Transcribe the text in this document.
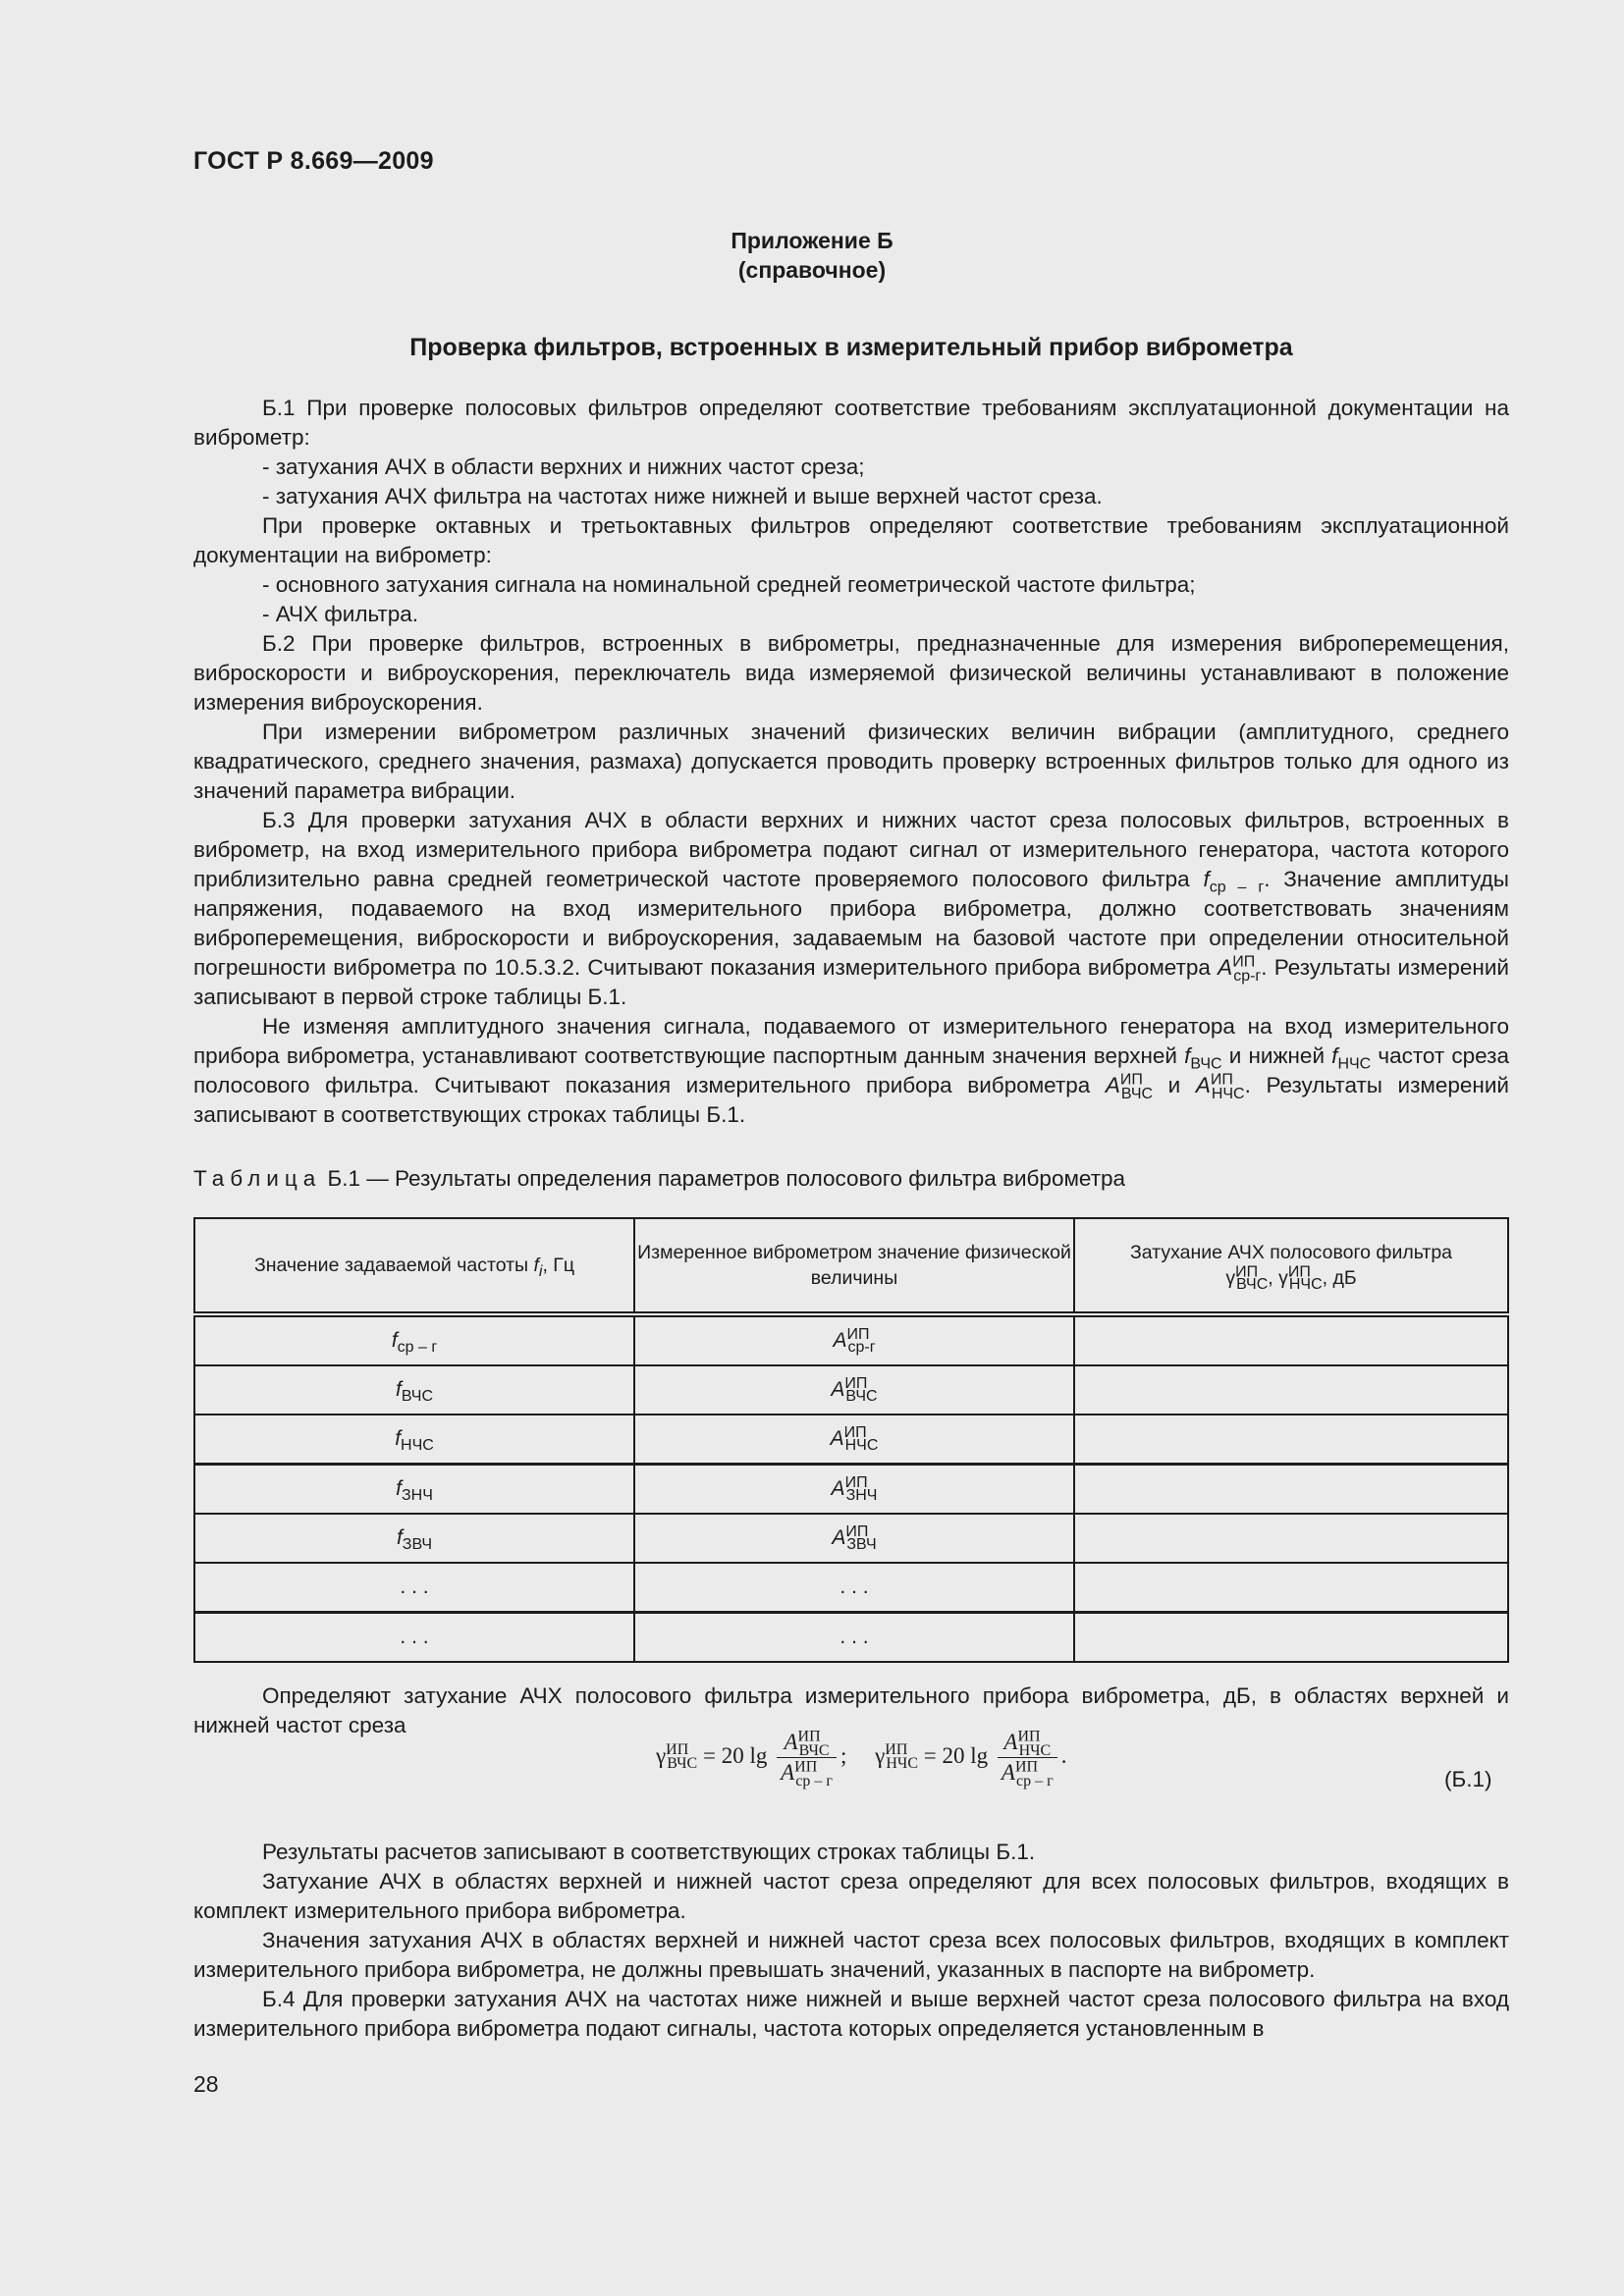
ГОСТ Р 8.669—2009
Приложение Б
(справочное)
Проверка фильтров, встроенных в измерительный прибор виброметра

Б.1 При проверке полосовых фильтров определяют соответствие требованиям эксплуатационной документации на виброметр:

- затухания АЧХ в области верхних и нижних частот среза;

- затухания АЧХ фильтра на частотах ниже нижней и выше верхней частот среза.

При проверке октавных и третьоктавных фильтров определяют соответствие требованиям эксплуатационной документации на виброметр:

- основного затухания сигнала на номинальной средней геометрической частоте фильтра;

- АЧХ фильтра.

Б.2 При проверке фильтров, встроенных в виброметры, предназначенные для измерения виброперемещения, виброскорости и виброускорения, переключатель вида измеряемой физической величины устанавливают в положение измерения виброускорения.

При измерении виброметром различных значений физических величин вибрации (амплитудного, среднего квадратического, среднего значения, размаха) допускается проводить проверку встроенных фильтров только для одного из значений параметра вибрации.

Б.3 Для проверки затухания АЧХ в области верхних и нижних частот среза полосовых фильтров, встроенных в виброметр, на вход измерительного прибора виброметра подают сигнал от измерительного генератора, частота которого приблизительно равна средней геометрической частоте проверяемого полосового фильтра $f_{ср - г}$. Значение амплитуды напряжения, подаваемого на вход измерительного прибора виброметра, должно соответствовать значениям виброперемещения, виброскорости и виброускорения, задаваемым на базовой частоте при определении относительной погрешности виброметра по 10.5.3.2. Считывают показания измерительного прибора виброметра $A^{ИП}_{ср-г}$. Результаты измерений записывают в первой строке таблицы Б.1.

Не изменяя амплитудного значения сигнала, подаваемого от измерительного генератора на вход измерительного прибора виброметра, устанавливают соответствующие паспортным данным значения верхней $f_{ВЧС}$ и нижней $f_{НЧС}$ частот среза полосового фильтра. Считывают показания измерительного прибора виброметра $A^{ИП}_{ВЧС}$ и $A^{ИП}_{НЧС}$. Результаты измерений записывают в соответствующих строках таблицы Б.1.

Таблица Б.1 — Результаты определения параметров полосового фильтра виброметра
Значение задаваемой частоты $f_i$, Гц	Измеренное виброметром значение физической величины	Затухание АЧХ полосового фильтра
$\gamma^{ИП}_{ВЧС}$, $\gamma^{ИП}_{НЧС}$, дБ
$f_{ср - г}$	$A^{ИП}_{ср-г}$	
$f_{ВЧС}$	$A^{ИП}_{ВЧС}$	
$f_{НЧС}$	$A^{ИП}_{НЧС}$	
$f_{ЗНЧ}$	$A^{ИП}_{ЗНЧ}$	
$f_{ЗВЧ}$	$A^{ИП}_{ЗВЧ}$	
. . .	. . .	
. . .	. . .	

Определяют затухание АЧХ полосового фильтра измерительного прибора виброметра, дБ, в областях верхней и нижней частот среза

$\gamma^{ИП}_{ВЧС} = 20$ $\lg \frac{A^{ИП}_{ВЧС}}{A^{ИП}_{ср - г}}$ ; $\gamma^{ИП}_{НЧС} = 20$ $\lg \frac{A^{ИП}_{НЧС}}{A^{ИП}_{ср - г}}$ .
(Б.1)

Результаты расчетов записывают в соответствующих строках таблицы Б.1.

Затухание АЧХ в областях верхней и нижней частот среза определяют для всех полосовых фильтров, входящих в комплект измерительного прибора виброметра.

Значения затухания АЧХ в областях верхней и нижней частот среза всех полосовых фильтров, входящих в комплект измерительного прибора виброметра, не должны превышать значений, указанных в паспорте на виброметр.

Б.4 Для проверки затухания АЧХ на частотах ниже нижней и выше верхней частот среза полосового фильтра на вход измерительного прибора виброметра подают сигналы, частота которых определяется установленным в

28
